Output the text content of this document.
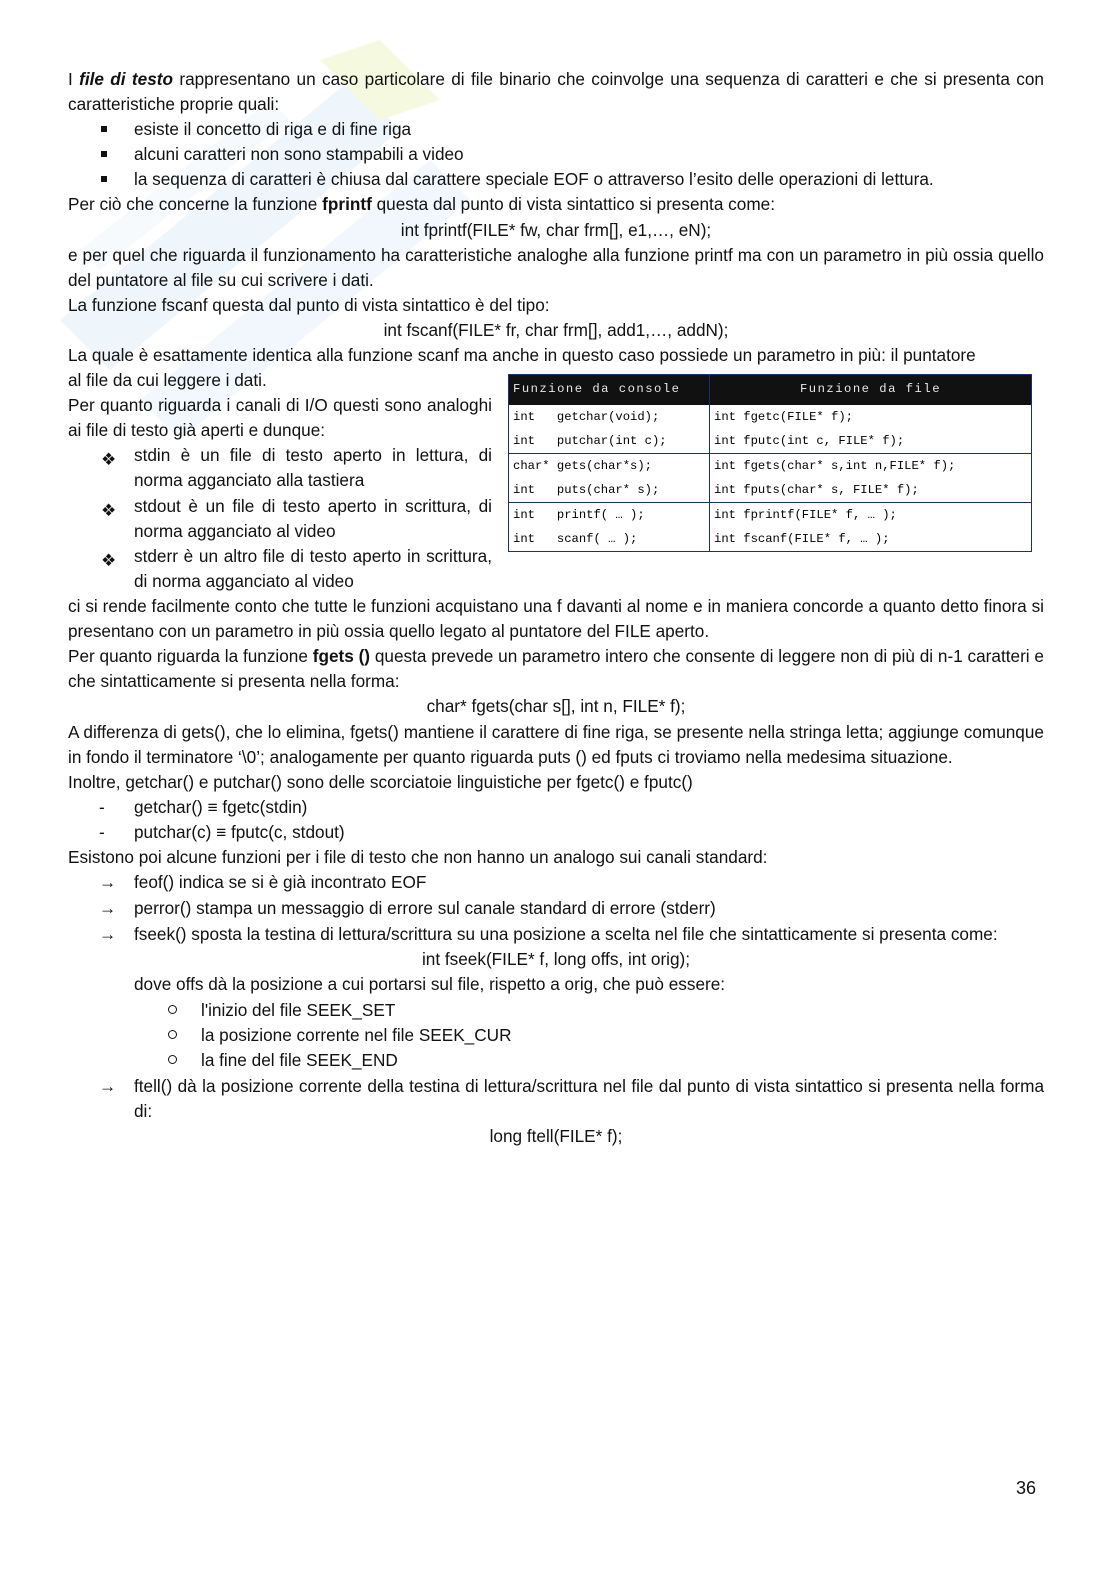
I file di testo rappresentano un caso particolare di file binario che coinvolge una sequenza di caratteri e che si presenta con caratteristiche proprie quali:

esiste il concetto di riga e di fine riga
alcuni caratteri non sono stampabili a video
la sequenza di caratteri è chiusa dal carattere speciale EOF o attraverso l’esito delle operazioni di lettura.

Per ciò che concerne la funzione fprintf questa dal punto di vista sintattico si presenta come:

int fprintf(FILE* fw, char frm[], e1,…, eN);

e per quel che riguarda il funzionamento ha caratteristiche analoghe alla funzione printf ma con un parametro in più ossia quello del puntatore al file su cui scrivere i dati.

La funzione fscanf questa dal punto di vista sintattico è del tipo:

int fscanf(FILE* fr, char frm[], add1,…, addN);

La quale è esattamente identica alla funzione scanf ma anche in questo caso possiede un parametro in più: il puntatore

al file da cui leggere i dati.

Per quanto riguarda i canali di I/O questi sono analoghi ai file di testo già aperti e dunque:

❖ stdin è un file di testo aperto in lettura, di norma agganciato alla tastiera
❖ stdout è un file di testo aperto in scrittura, di norma agganciato al video
❖ stderr è un altro file di testo aperto in scrittura, di norma agganciato al video
Funzione da console	Funzione da file
int   getchar(void);	int fgetc(FILE* f);
int   putchar(int c);	int fputc(int c, FILE* f);
char* gets(char*s);	int fgets(char* s,int n,FILE* f);
int   puts(char* s);	int fputs(char* s, FILE* f);
int   printf( … );	int fprintf(FILE* f, … );
int   scanf( … );	int fscanf(FILE* f, … );

ci si rende facilmente conto che tutte le funzioni acquistano una f davanti al nome e in maniera concorde a quanto detto finora si presentano con un parametro in più ossia quello legato al puntatore del FILE aperto.

Per quanto riguarda la funzione fgets () questa prevede un parametro intero che consente di leggere non di più di n-1 caratteri e che sintatticamente si presenta nella forma:

char* fgets(char s[], int n, FILE* f);

A differenza di gets(), che lo elimina, fgets() mantiene il carattere di fine riga, se presente nella stringa letta; aggiunge comunque in fondo il terminatore ‘\0’; analogamente per quanto riguarda puts () ed fputs ci troviamo nella medesima situazione.

Inoltre, getchar() e putchar() sono delle scorciatoie linguistiche per fgetc() e fputc()

-	getchar() ≡ fgetc(stdin)
-	putchar(c) ≡ fputc(c, stdout)

Esistono poi alcune funzioni per i file di testo che non hanno un analogo sui canali standard:

→ feof() indica se si è già incontrato EOF
→ perror() stampa un messaggio di errore sul canale standard di errore (stderr)
→ fseek() sposta la testina di lettura/scrittura su una posizione a scelta nel file che sintatticamente si presenta come:

int fseek(FILE* f, long offs, int orig);

dove offs dà la posizione a cui portarsi sul file, rispetto a orig, che può essere:

l'inizio del file SEEK_SET
la posizione corrente nel file SEEK_CUR
la fine del file SEEK_END
→ ftell() dà la posizione corrente della testina di lettura/scrittura nel file dal punto di vista sintattico si presenta nella forma di:

long ftell(FILE* f);

36
